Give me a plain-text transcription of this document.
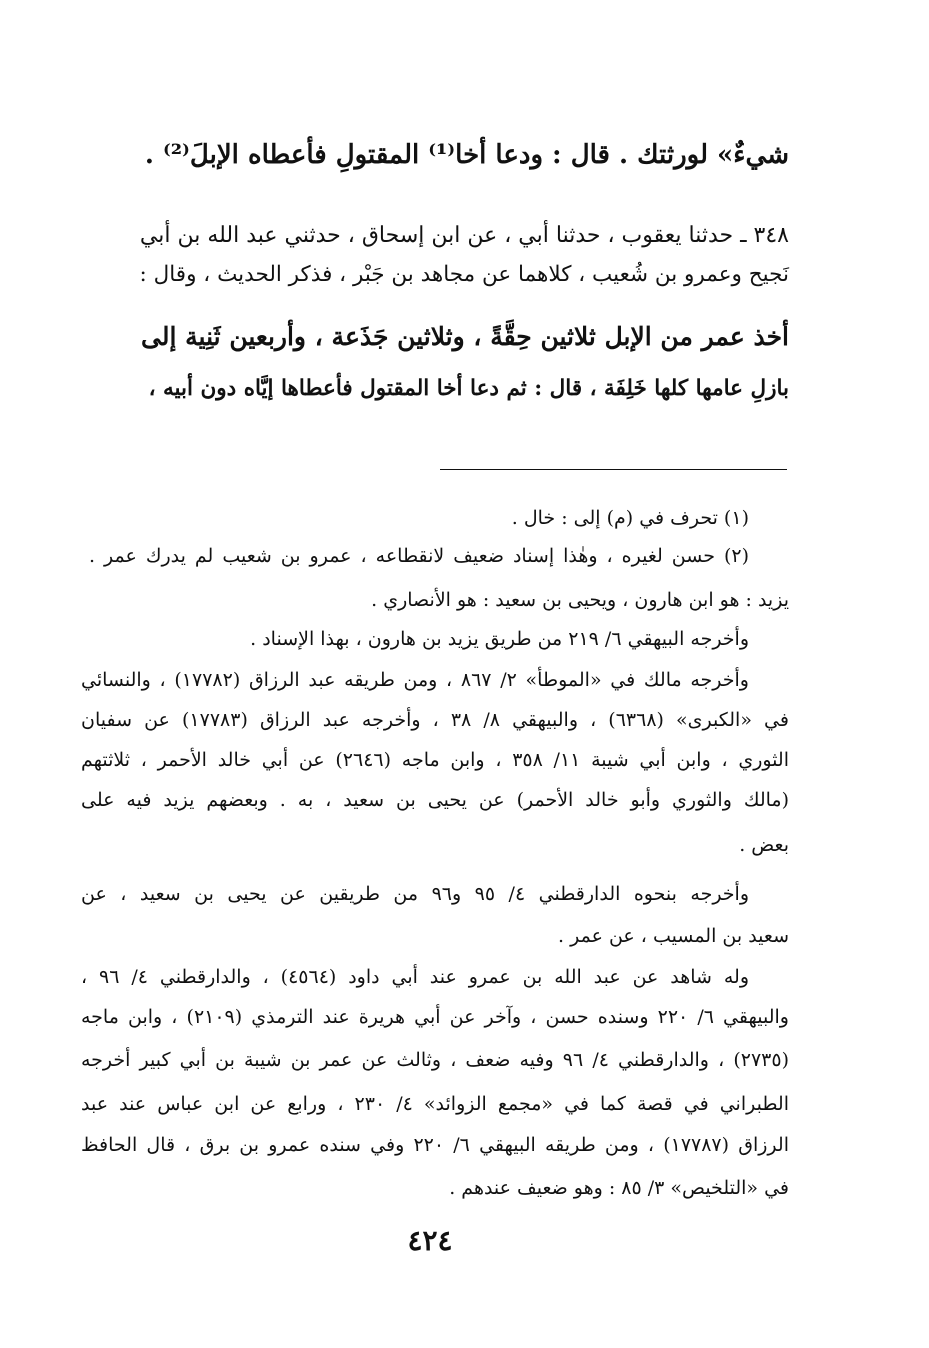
شيءٌ» لورثتك . قال : ودعا أخا⁽¹⁾ المقتولِ فأعطاه الإبلَ⁽²⁾ .

٣٤٨ ـ حدثنا يعقوب ، حدثنا أبي ، عن ابن إسحاق ، حدثني عبد الله بن أبي

نَجيح وعمرو بن شُعيب ، كلاهما عن مجاهد بن جَبْر ، فذكر الحديث ، وقال :

أخذ عمر من الإبل ثلاثين حِقَّةً ، وثلاثين جَذَعة ، وأربعين ثَنِية إلى

بازلِ عامها كلها خَلِفَة ، قال : ثم دعا أخا المقتول فأعطاها إيَّاه دون أبيه ،

(١) تحرف في (م) إلى : خال .

(٢) حسن لغيره ، وهٰذا إسناد ضعيف لانقطاعه ، عمرو بن شعيب لم يدرك عمر .

يزيد : هو ابن هارون ، ويحيى بن سعيد : هو الأنصاري .

وأخرجه البيهقي ٦/ ٢١٩ من طريق يزيد بن هارون ، بهذا الإسناد .

وأخرجه مالك في «الموطأ» ٢/ ٨٦٧ ، ومن طريقه عبد الرزاق (١٧٧٨٢) ، والنسائي

في «الكبرى» (٦٣٦٨) ، والبيهقي ٨/ ٣٨ ، وأخرجه عبد الرزاق (١٧٧٨٣) عن سفيان

الثوري ، وابن أبي شيبة ١١/ ٣٥٨ ، وابن ماجه (٢٦٤٦) عن أبي خالد الأحمر ، ثلاثتهم

(مالك والثوري وأبو خالد الأحمر) عن يحيى بن سعيد ، به . وبعضهم يزيد فيه على

بعض .

وأخرجه بنحوه الدارقطني ٤/ ٩٥ و٩٦ من طريقين عن يحيى بن سعيد ، عن

سعيد بن المسيب ، عن عمر .

وله شاهد عن عبد الله بن عمرو عند أبي داود (٤٥٦٤) ، والدارقطني ٤/ ٩٦ ،

والبيهقي ٦/ ٢٢٠ وسنده حسن ، وآخر عن أبي هريرة عند الترمذي (٢١٠٩) ، وابن ماجه

(٢٧٣٥) ، والدارقطني ٤/ ٩٦ وفيه ضعف ، وثالث عن عمر بن شيبة بن أبي كبير أخرجه

الطبراني في قصة كما في «مجمع الزوائد» ٤/ ٢٣٠ ، ورابع عن ابن عباس عند عبد

الرزاق (١٧٧٨٧) ، ومن طريقه البيهقي ٦/ ٢٢٠ وفي سنده عمرو بن برق ، قال الحافظ

في «التلخيص» ٣/ ٨٥ : وهو ضعيف عندهم .

٤٢٤
